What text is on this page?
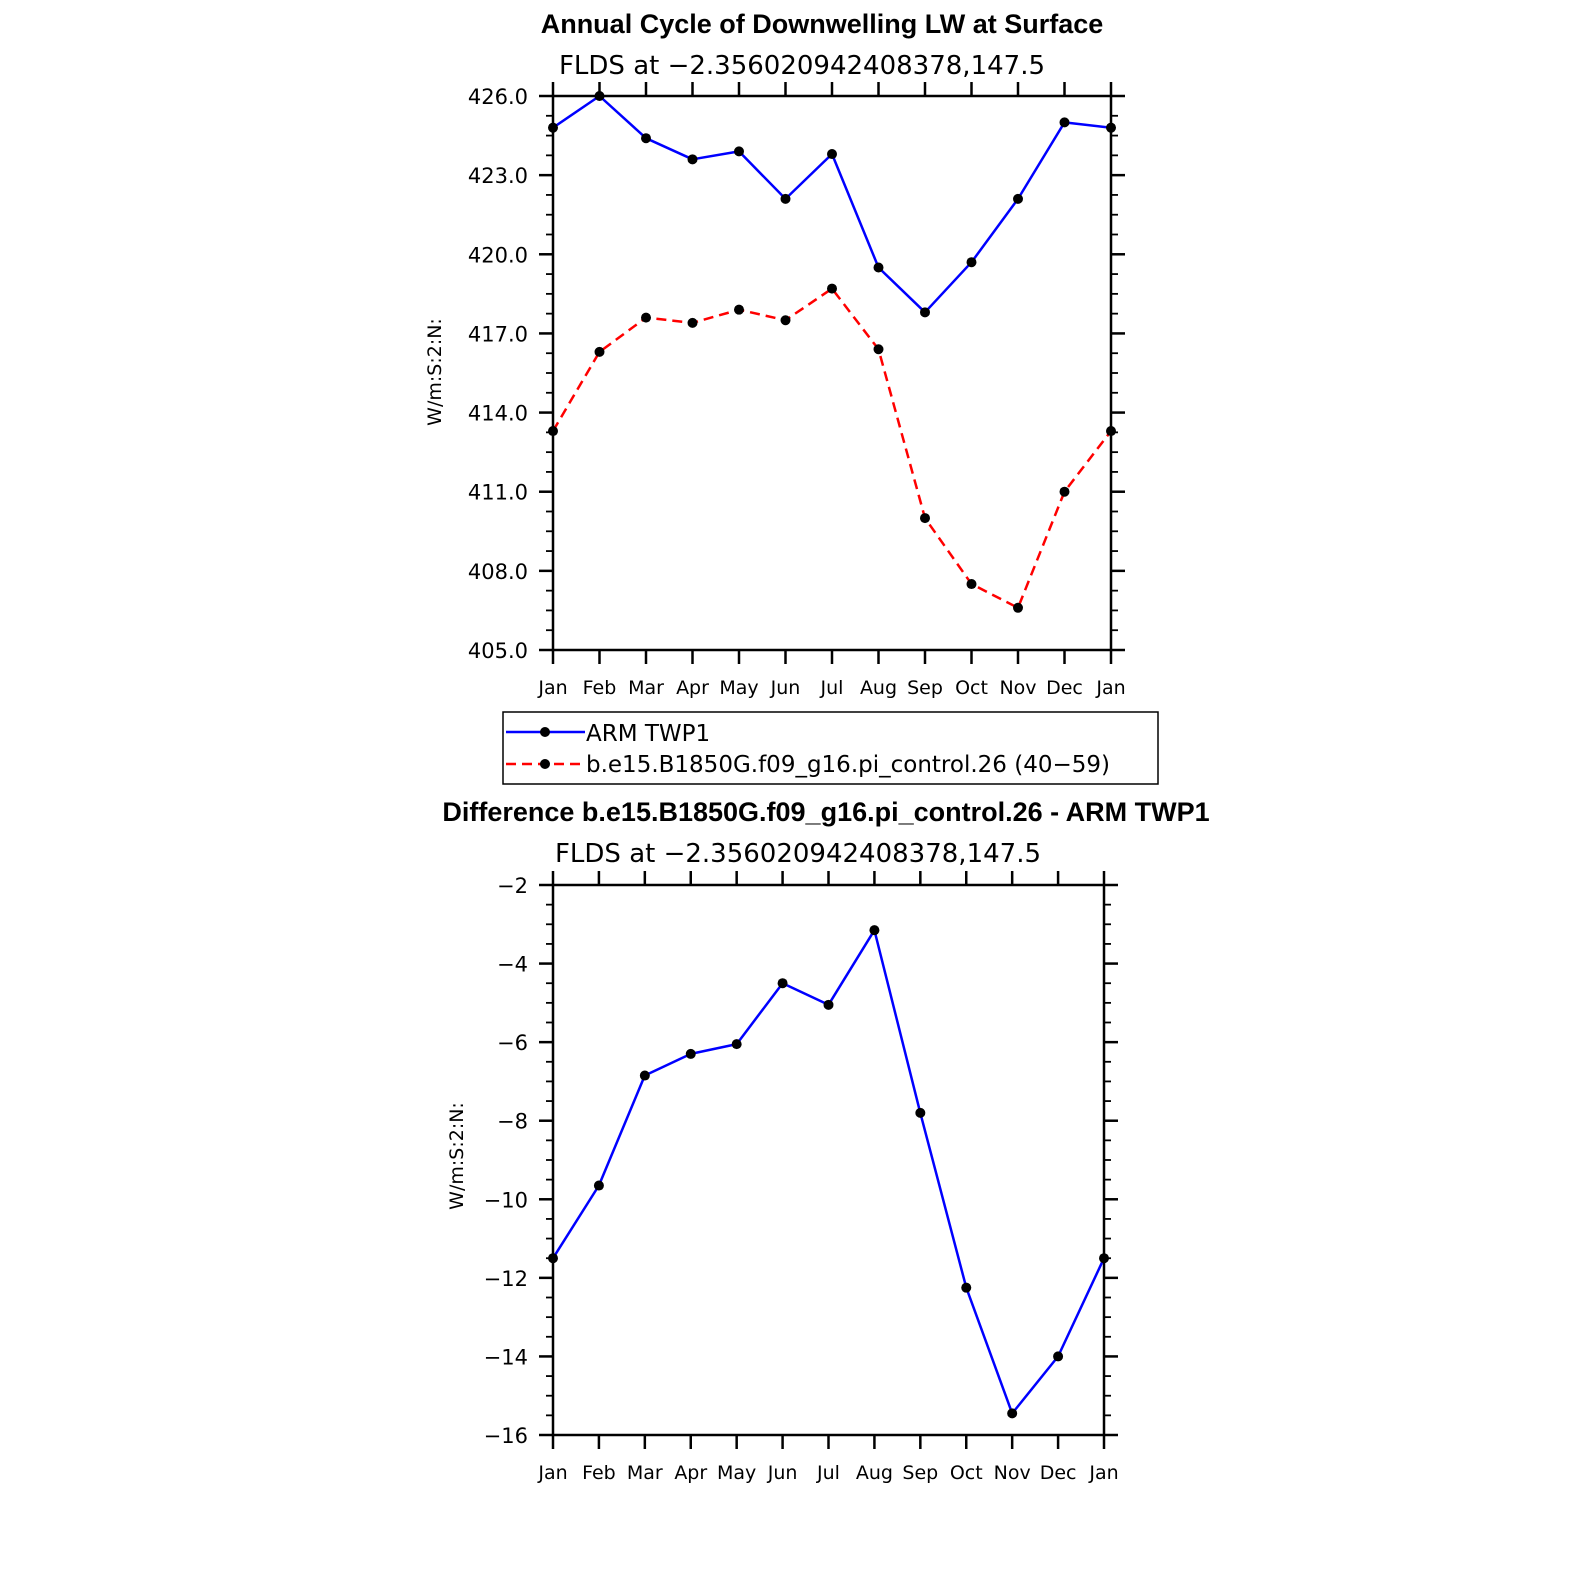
Annual Cycle of Downwelling LW at Surface
FLDS at −2.356020942408378,147.5
W/m:S:2:N:
Jan Feb Mar Apr May Jun Jul Aug Sep Oct Nov Dec Jan
405.0
408.0
411.0
414.0
417.0
420.0
423.0
426.0
ARM TWP1
b.e15.B1850G.f09_g16.pi_control.26 (40−59)
Difference b.e15.B1850G.f09_g16.pi_control.26 - ARM TWP1
FLDS at −2.356020942408378,147.5
W/m:S:2:N:
Jan Feb Mar Apr May Jun Jul Aug Sep Oct Nov Dec Jan
−16
−14
−12
−10
−8
−6
−4
−2
